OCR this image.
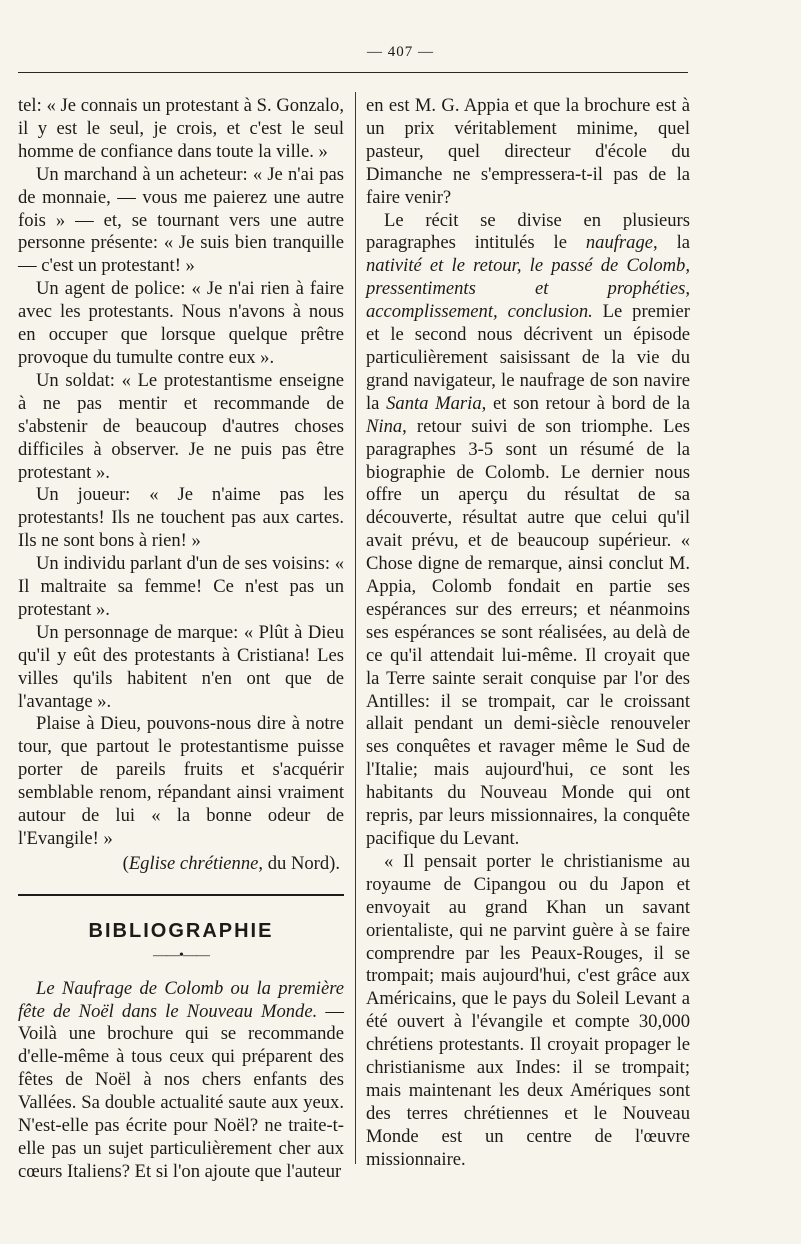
— 407 —

tel: « Je connais un protestant à S. Gonzalo, il y est le seul, je crois, et c'est le seul homme de confiance dans toute la ville. »

Un marchand à un acheteur: « Je n'ai pas de monnaie, — vous me paierez une autre fois » — et, se tournant vers une autre personne présente: « Je suis bien tranquille — c'est un protestant! »

Un agent de police: « Je n'ai rien à faire avec les protestants. Nous n'avons à nous en occuper que lorsque quelque prêtre provoque du tumulte contre eux ».

Un soldat: « Le protestantisme enseigne à ne pas mentir et recommande de s'abstenir de beaucoup d'autres choses difficiles à observer. Je ne puis pas être protestant ».

Un joueur: « Je n'aime pas les protestants! Ils ne touchent pas aux cartes. Ils ne sont bons à rien! »

Un individu parlant d'un de ses voisins: « Il maltraite sa femme! Ce n'est pas un protestant ».

Un personnage de marque: « Plût à Dieu qu'il y eût des protestants à Cristiana! Les villes qu'ils habitent n'en ont que de l'avantage ».

Plaise à Dieu, pouvons-nous dire à notre tour, que partout le protestantisme puisse porter de pareils fruits et s'acquérir semblable renom, répandant ainsi vraiment autour de lui « la bonne odeur de l'Evangile! »

(Eglise chrétienne, du Nord).

BIBLIOGRAPHIE
——•——

Le Naufrage de Colomb ou la première fête de Noël dans le Nouveau Monde. — Voilà une brochure qui se recommande d'elle-même à tous ceux qui préparent des fêtes de Noël à nos chers enfants des Vallées. Sa double actualité saute aux yeux. N'est-elle pas écrite pour Noël? ne traite-t-elle pas un sujet particulièrement cher aux cœurs Italiens? Et si l'on ajoute que l'auteur

en est M. G. Appia et que la brochure est à un prix véritablement minime, quel pasteur, quel directeur d'école du Dimanche ne s'empressera-t-il pas de la faire venir?

Le récit se divise en plusieurs paragraphes intitulés le naufrage, la nativité et le retour, le passé de Colomb, pressentiments et prophéties, accomplissement, conclusion. Le premier et le second nous décrivent un épisode particulièrement saisissant de la vie du grand navigateur, le naufrage de son navire la Santa Maria, et son retour à bord de la Nina, retour suivi de son triomphe. Les paragraphes 3-5 sont un résumé de la biographie de Colomb. Le dernier nous offre un aperçu du résultat de sa découverte, résultat autre que celui qu'il avait prévu, et de beaucoup supérieur. « Chose digne de remarque, ainsi conclut M. Appia, Colomb fondait en partie ses espérances sur des erreurs; et néanmoins ses espérances se sont réalisées, au delà de ce qu'il attendait lui-même. Il croyait que la Terre sainte serait conquise par l'or des Antilles: il se trompait, car le croissant allait pendant un demi-siècle renouveler ses conquêtes et ravager même le Sud de l'Italie; mais aujourd'hui, ce sont les habitants du Nouveau Monde qui ont repris, par leurs missionnaires, la conquête pacifique du Levant.

« Il pensait porter le christianisme au royaume de Cipangou ou du Japon et envoyait au grand Khan un savant orientaliste, qui ne parvint guère à se faire comprendre par les Peaux-Rouges, il se trompait; mais aujourd'hui, c'est grâce aux Américains, que le pays du Soleil Levant a été ouvert à l'évangile et compte 30,000 chrétiens protestants. Il croyait propager le christianisme aux Indes: il se trompait; mais maintenant les deux Amériques sont des terres chrétiennes et le Nouveau Monde est un centre de l'œuvre missionnaire.
